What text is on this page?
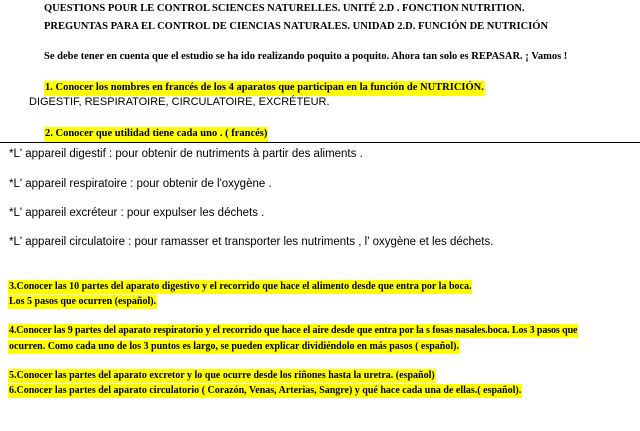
QUESTIONS POUR LE CONTROL SCIENCES NATURELLES. UNITÉ 2.D . FONCTION NUTRITION.
PREGUNTAS PARA EL CONTROL DE CIENCIAS NATURALES. UNIDAD 2.D. FUNCIÓN DE NUTRICIÓN
Se debe tener en cuenta que el estudio se ha ido realizando poquito a poquito. Ahora tan solo es REPASAR. ¡ Vamos !
1. Conocer los nombres en francés de los 4 aparatos que participan en la función de NUTRICIÓN.
DIGESTIF, RESPIRATOIRE, CIRCULATOIRE, EXCRÉTEUR.
2. Conocer que utilidad tiene cada uno . ( francés)
*L' appareil digestif : pour obtenir de nutriments à partir des aliments .
*L' appareil respiratoire : pour obtenir de l'oxygène .
*L' appareil excréteur : pour expulser les déchets .
*L' appareil circulatoire : pour ramasser et transporter les nutriments , l' oxygène et les déchets.
3.Conocer las 10 partes del aparato digestivo y el recorrido que hace el alimento desde que entra por la boca.
Los 5 pasos que ocurren (español).
4.Conocer las 9 partes del aparato respiratorio y el recorrido que hace el aire desde que entra por la s fosas nasales.boca. Los 3 pasos que
ocurren. Como cada uno de los 3 puntos es largo, se pueden explicar dividiéndolo en más pasos ( español).
5.Conocer las partes del aparato excretor y lo que ocurre desde los riñones hasta la uretra. (español)
6.Conocer las partes del aparato circulatorio ( Corazón, Venas, Arterias, Sangre) y qué hace cada una de ellas.( español).
